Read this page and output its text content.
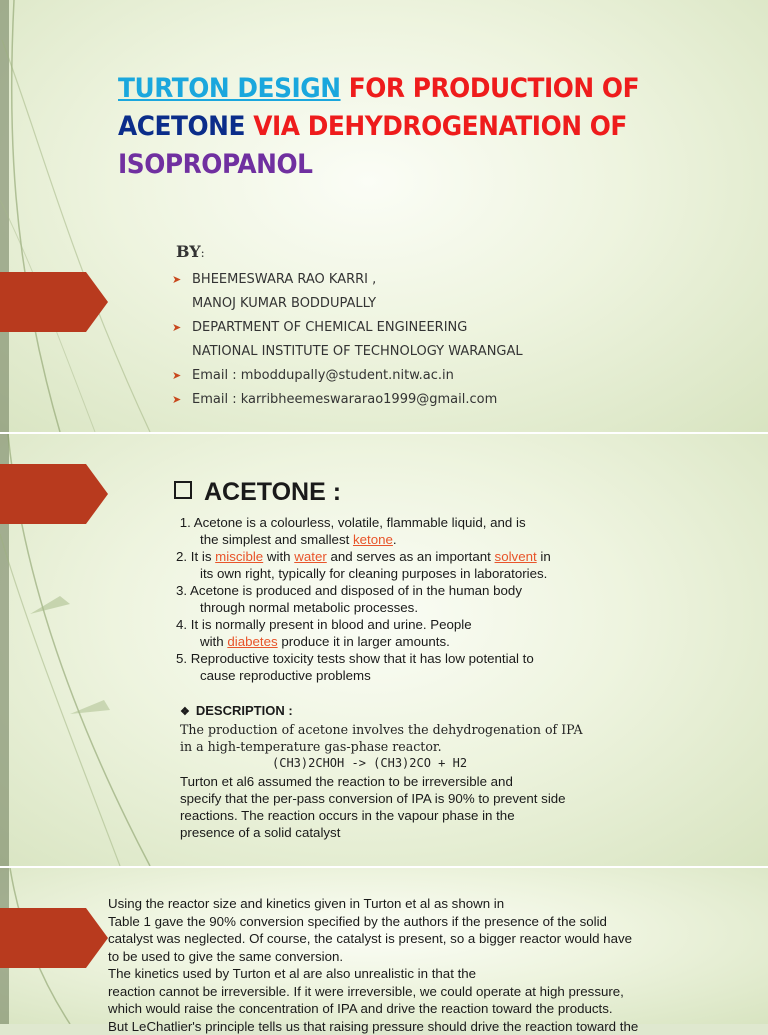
TURTON DESIGN FOR PRODUCTION OF
ACETONE VIA DEHYDROGENATION OF
ISOPROPANOL
BY:
➤ BHEEMESWARA RAO KARRI ,
MANOJ KUMAR BODDUPALLY
➤ DEPARTMENT OF CHEMICAL ENGINEERING
NATIONAL INSTITUTE OF TECHNOLOGY WARANGAL
➤ Email : mboddupally@student.nitw.ac.in
➤ Email : karribheemeswararao1999@gmail.com
ACETONE :
1. Acetone is a colourless, volatile, flammable liquid, and is
the simplest and smallest ketone.
2. It is miscible with water and serves as an important solvent in
its own right, typically for cleaning purposes in laboratories.
3. Acetone is produced and disposed of in the human body
through normal metabolic processes.
4. It is normally present in blood and urine. People
with diabetes produce it in larger amounts.
5. Reproductive toxicity tests show that it has low potential to
cause reproductive problems
❖ DESCRIPTION :
The production of acetone involves the dehydrogenation of IPA
in a high-temperature gas-phase reactor.
(CH3)2CHOH -> (CH3)2CO + H2
Turton et al6 assumed the reaction to be irreversible and
specify that the per-pass conversion of IPA is 90% to prevent side
reactions. The reaction occurs in the vapour phase in the
presence of a solid catalyst
Using the reactor size and kinetics given in Turton et al as shown in
Table 1 gave the 90% conversion specified by the authors if the presence of the solid
catalyst was neglected. Of course, the catalyst is present, so a bigger reactor would have
to be used to give the same conversion.
The kinetics used by Turton et al are also unrealistic in that the
reaction cannot be irreversible. If it were irreversible, we could operate at high pressure,
which would raise the concentration of IPA and drive the reaction toward the products.
But LeChatlier's principle tells us that raising pressure should drive the reaction toward the
